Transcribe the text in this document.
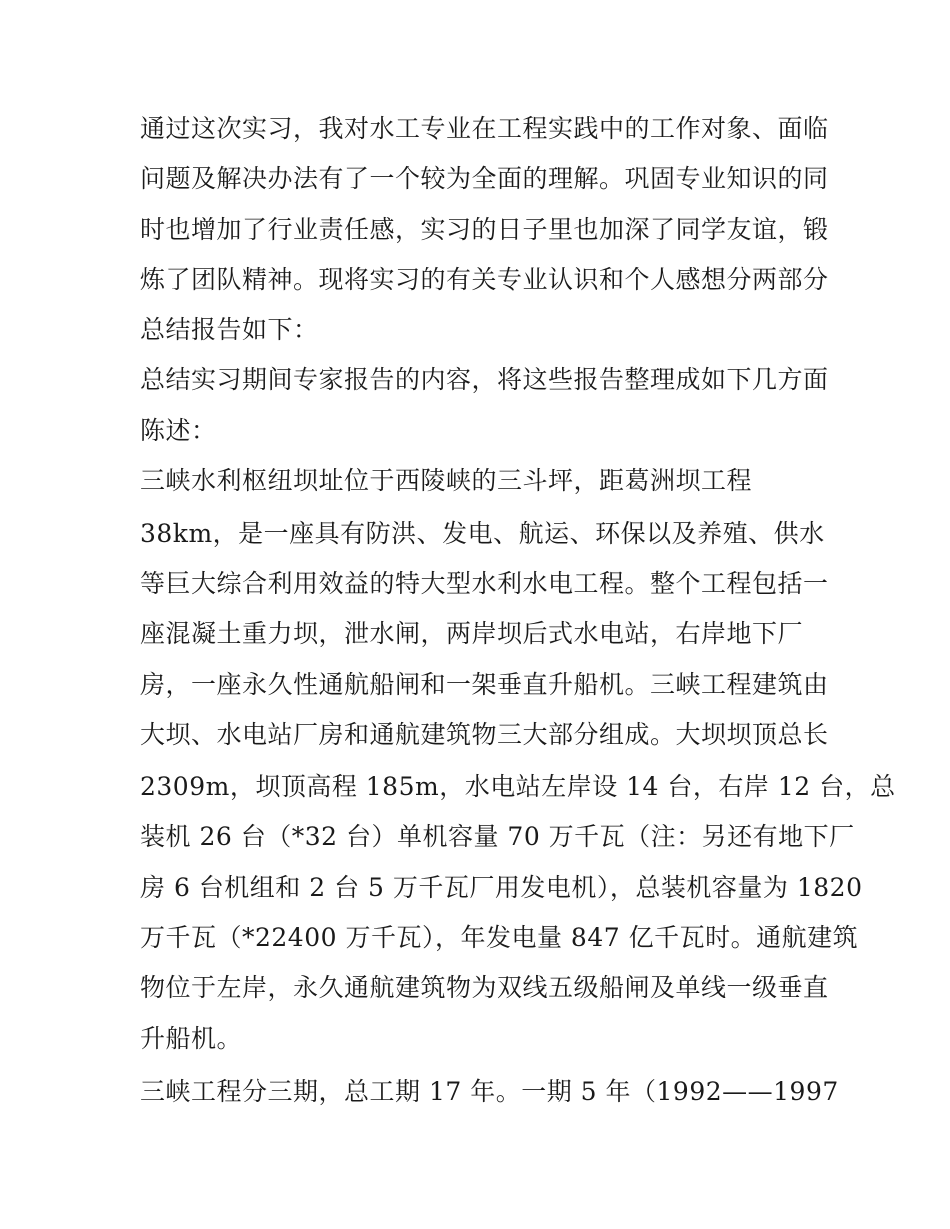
通过这次实习，我对水工专业在工程实践中的工作对象、面临
问题及解决办法有了一个较为全面的理解。巩固专业知识的同
时也增加了行业责任感，实习的日子里也加深了同学友谊，锻
炼了团队精神。现将实习的有关专业认识和个人感想分两部分
总结报告如下：
总结实习期间专家报告的内容，将这些报告整理成如下几方面
陈述：
三峡水利枢纽坝址位于西陵峡的三斗坪，距葛洲坝工程
38km，是一座具有防洪、发电、航运、环保以及养殖、供水
等巨大综合利用效益的特大型水利水电工程。整个工程包括一
座混凝土重力坝，泄水闸，两岸坝后式水电站，右岸地下厂
房，一座永久性通航船闸和一架垂直升船机。三峡工程建筑由
大坝、水电站厂房和通航建筑物三大部分组成。大坝坝顶总长
2309m，坝顶高程 185m，水电站左岸设 14 台，右岸 12 台，总
装机 26 台（*32 台）单机容量 70 万千瓦（注：另还有地下厂
房 6 台机组和 2 台 5 万千瓦厂用发电机），总装机容量为 1820
万千瓦（*22400 万千瓦），年发电量 847 亿千瓦时。通航建筑
物位于左岸，永久通航建筑物为双线五级船闸及单线一级垂直
升船机。
三峡工程分三期，总工期 17 年。一期 5 年（1992——1997
